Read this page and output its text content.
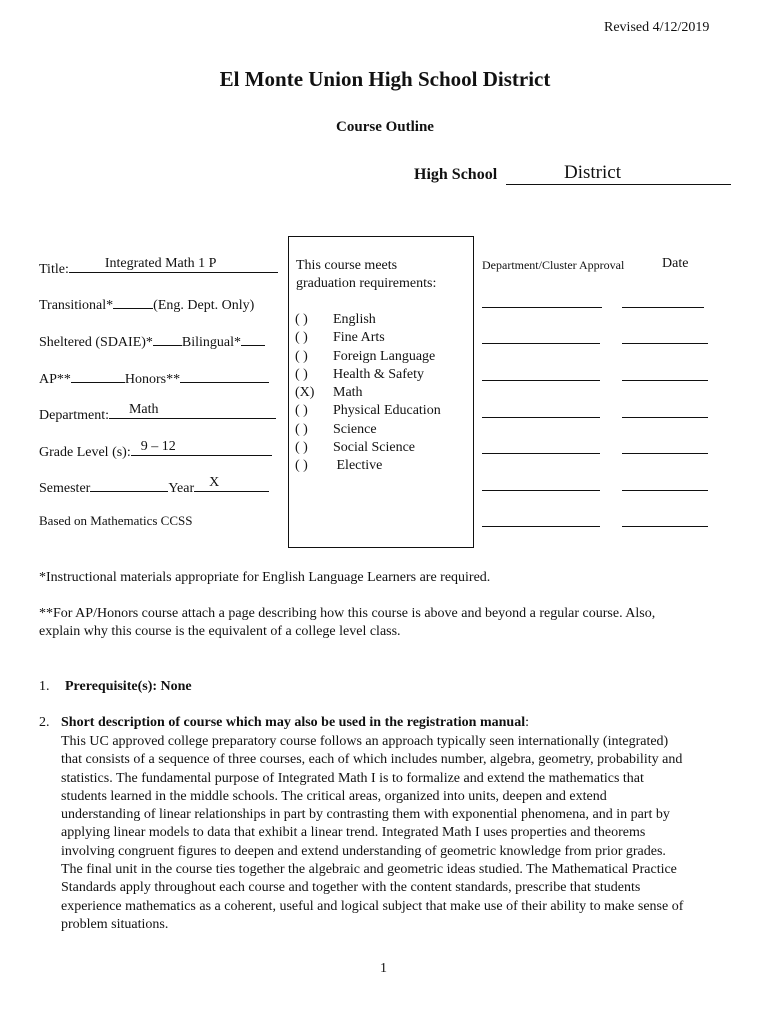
Revised 4/12/2019
El Monte Union High School District
Course Outline
High School	District
Title:	Integrated Math 1 P
Transitional*	(Eng. Dept. Only)
Sheltered (SDAIE)* Bilingual*
AP**	Honors**
Department: Math
Grade Level (s): 9 – 12
Semester	Year X
Based on Mathematics CCSS
This course meets
graduation requirements:
( ) English
( ) Fine Arts
( ) Foreign Language
( ) Health & Safety
(X) Math
( ) Physical Education
( ) Science
( ) Social Science
( ) Elective
Department/Cluster Approval	Date
*Instructional materials appropriate for English Language Learners are required.
**For AP/Honors course attach a page describing how this course is above and beyond a regular course. Also,
explain why this course is the equivalent of a college level class.
1. Prerequisite(s): None
2. Short description of course which may also be used in the registration manual:
This UC approved college preparatory course follows an approach typically seen internationally (integrated)
that consists of a sequence of three courses, each of which includes number, algebra, geometry, probability and
statistics. The fundamental purpose of Integrated Math I is to formalize and extend the mathematics that
students learned in the middle schools. The critical areas, organized into units, deepen and extend
understanding of linear relationships in part by contrasting them with exponential phenomena, and in part by
applying linear models to data that exhibit a linear trend. Integrated Math I uses properties and theorems
involving congruent figures to deepen and extend understanding of geometric knowledge from prior grades.
The final unit in the course ties together the algebraic and geometric ideas studied. The Mathematical Practice
Standards apply throughout each course and together with the content standards, prescribe that students
experience mathematics as a coherent, useful and logical subject that make use of their ability to make sense of
problem situations.
1
